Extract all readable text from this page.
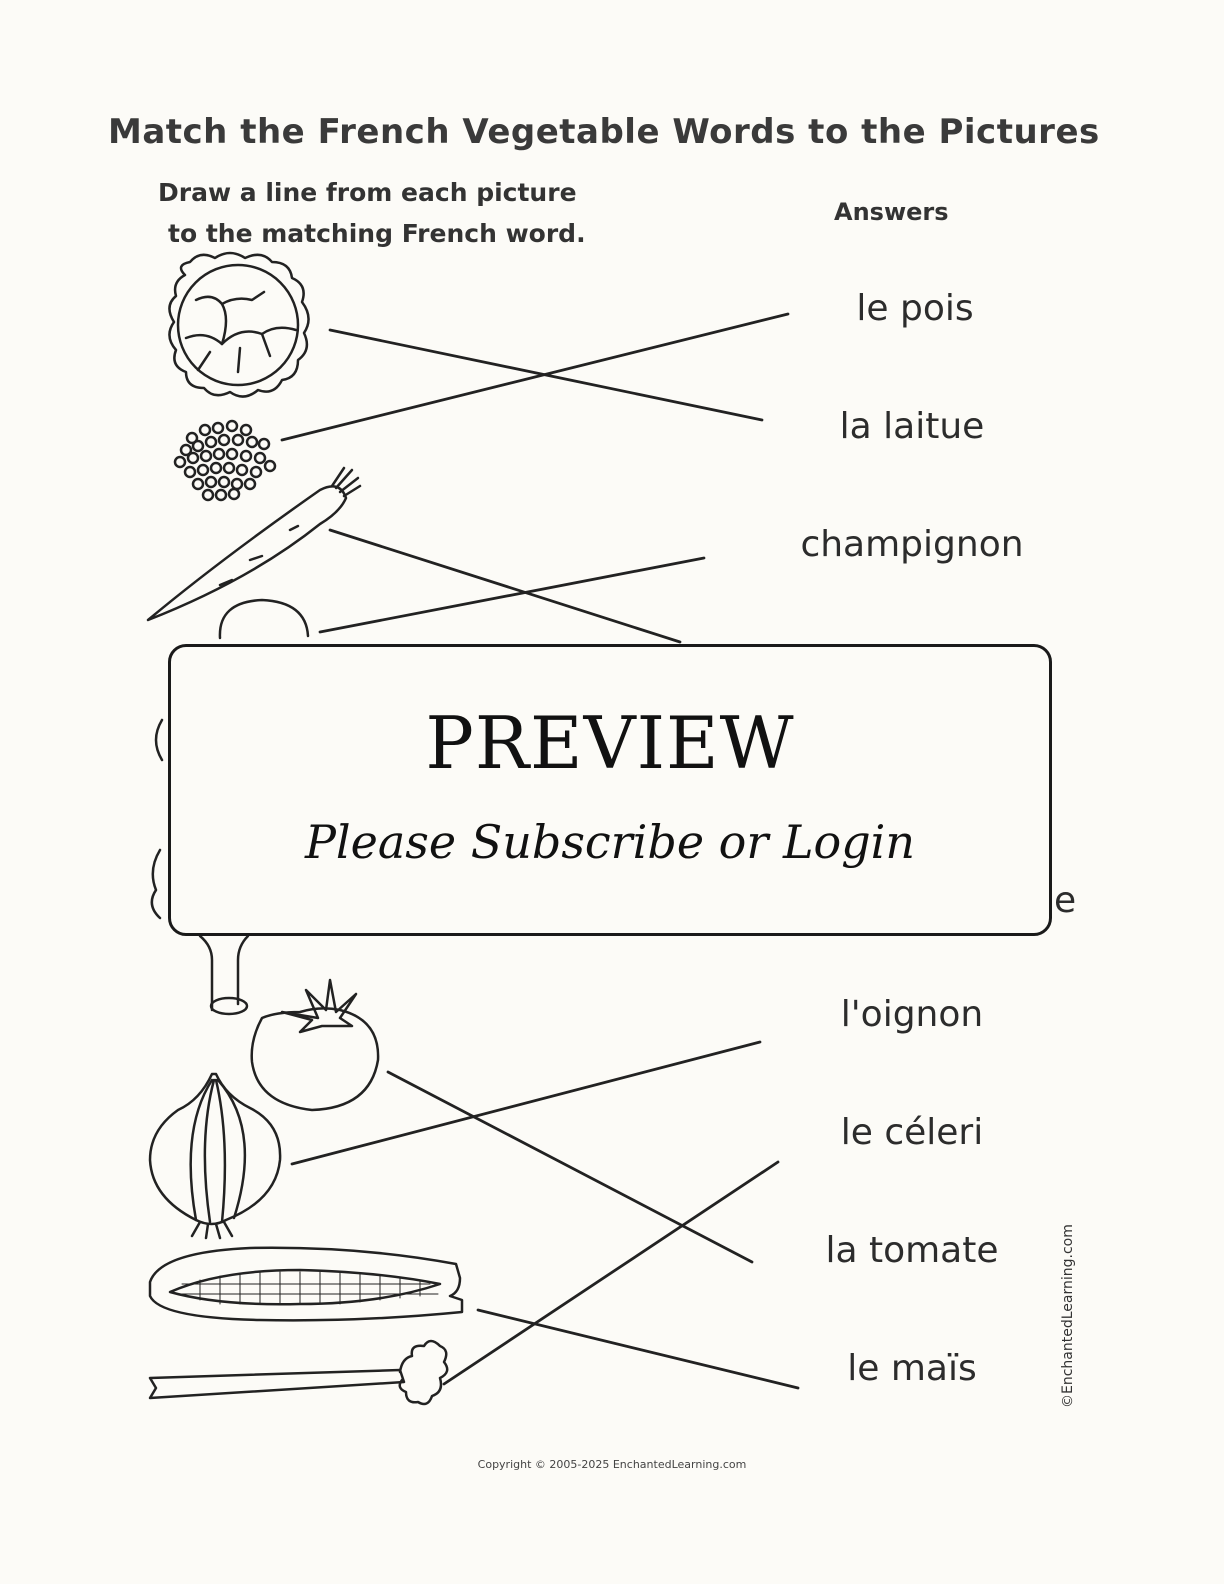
Match the French Vegetable Words to the Pictures
Draw a line from each picture
to the matching French word.
Answers
le pois
la laitue
champignon
e
l'oignon
le céleri
la tomate
le maïs
PREVIEW
Please Subscribe or Login
©EnchantedLearning.com
Copyright © 2005-2025 EnchantedLearning.com
